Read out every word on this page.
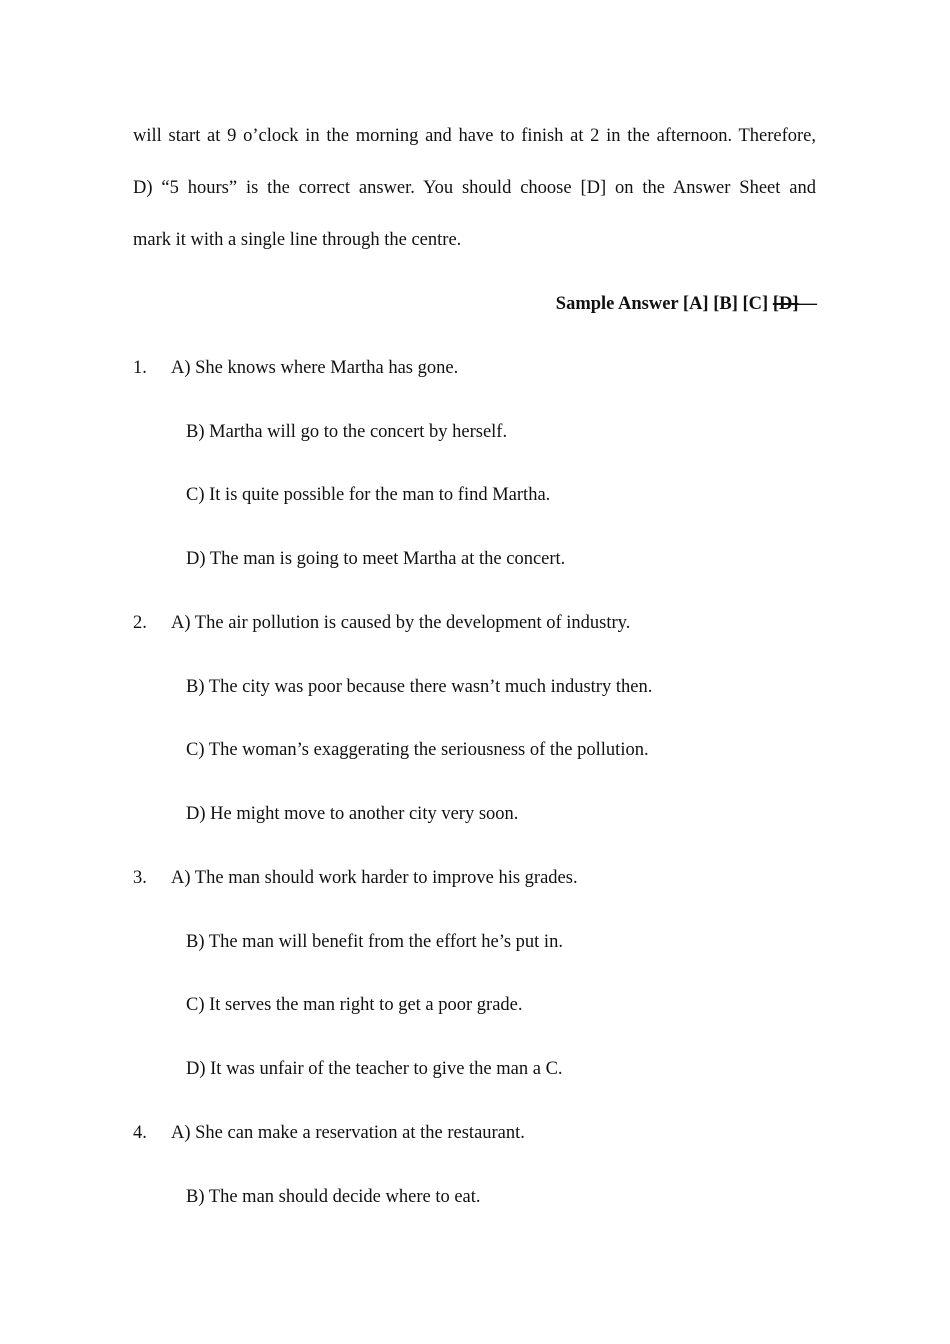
will start at 9 o’clock in the morning and have to finish at 2 in the afternoon. Therefore,
D) “5 hours” is the correct answer. You should choose [D] on the Answer Sheet and
mark it with a single line through the centre.
Sample Answer [A] [B] [C] [D]—
1. A) She knows where Martha has gone.
B) Martha will go to the concert by herself.
C) It is quite possible for the man to find Martha.
D) The man is going to meet Martha at the concert.
2. A) The air pollution is caused by the development of industry.
B) The city was poor because there wasn’t much industry then.
C) The woman’s exaggerating the seriousness of the pollution.
D) He might move to another city very soon.
3. A) The man should work harder to improve his grades.
B) The man will benefit from the effort he’s put in.
C) It serves the man right to get a poor grade.
D) It was unfair of the teacher to give the man a C.
4. A) She can make a reservation at the restaurant.
B) The man should decide where to eat.
